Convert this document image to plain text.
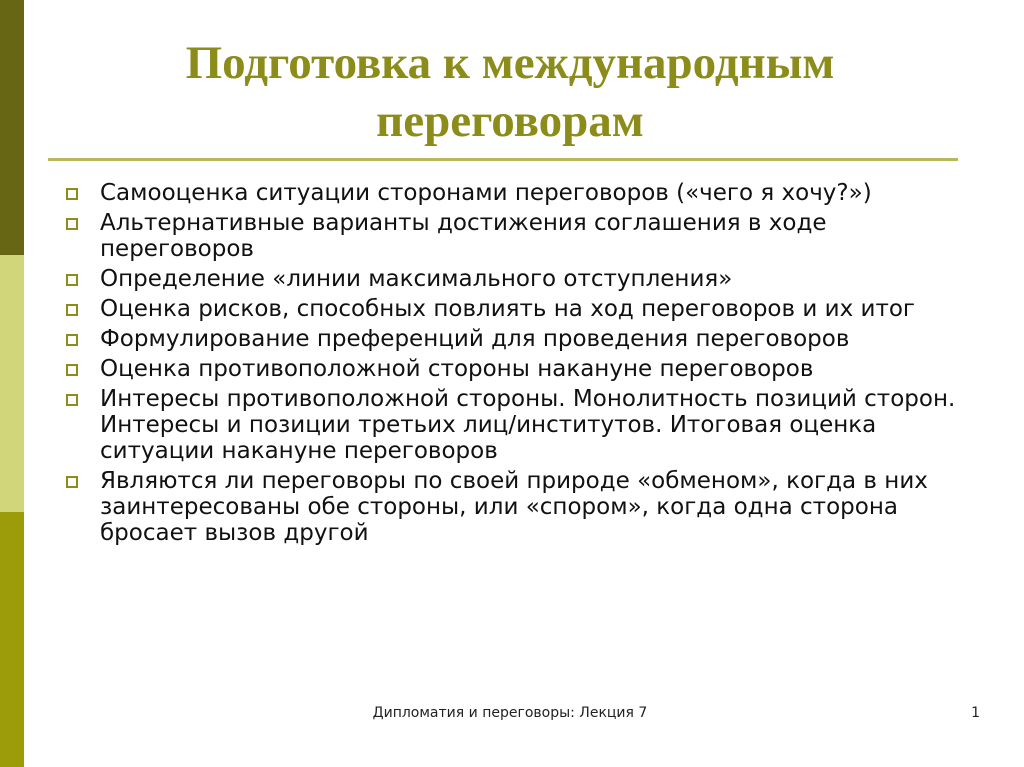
Подготовка к международным переговорам
Самооценка ситуации сторонами переговоров («чего я хочу?»)
Альтернативные варианты достижения соглашения в ходе переговоров
Определение «линии максимального отступления»
Оценка рисков, способных повлиять на ход переговоров и их итог
Формулирование преференций для проведения переговоров
Оценка противоположной стороны накануне переговоров
Интересы противоположной стороны. Монолитность позиций сторон. Интересы и позиции третьих лиц/институтов. Итоговая оценка ситуации накануне переговоров
Являются ли переговоры по своей природе «обменом», когда в них заинтересованы обе стороны, или «спором», когда одна сторона бросает вызов другой
Дипломатия и переговоры: Лекция 7	1
